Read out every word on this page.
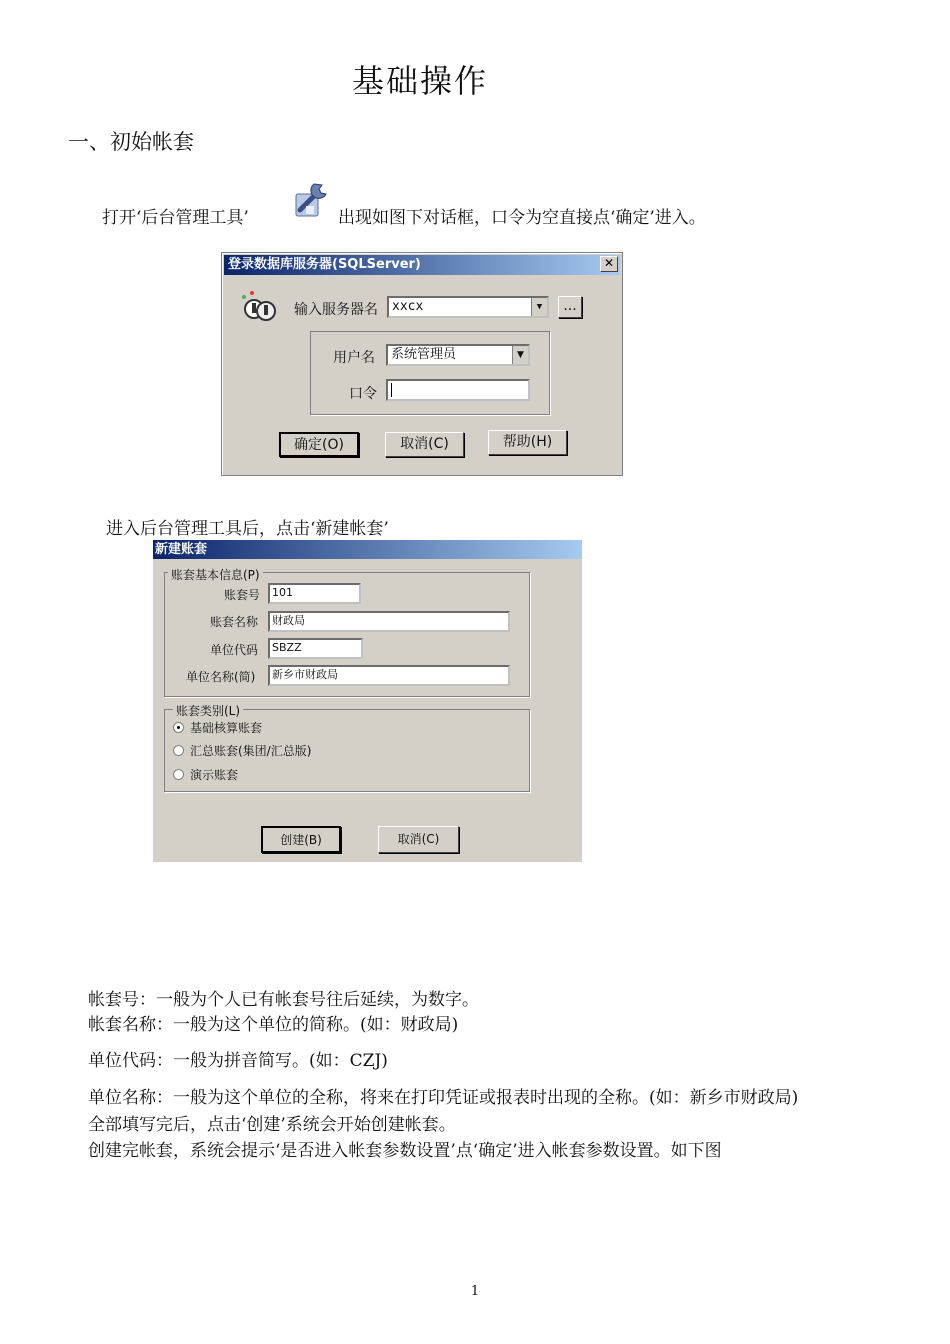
基础操作
一、初始帐套
打开‘后台管理工具’	出现如图下对话框，口令为空直接点‘确定’进入。
登录数据库服务器(SQLServer)	✕
输入服务器名	xxcx	▼	...
用户名	系统管理员	▼
口令
确定(O)	取消(C)	帮助(H)
进入后台管理工具后，点击‘新建帐套’
新建账套
账套基本信息(P)
账套号	101
账套名称	财政局
单位代码	SBZZ
单位名称(简)	新乡市财政局
账套类别(L)
基础核算账套
汇总账套(集团/汇总版)
演示账套
创建(B)	取消(C)
帐套号：一般为个人已有帐套号往后延续，为数字。
帐套名称：一般为这个单位的简称。(如：财政局)
单位代码：一般为拼音简写。(如：CZJ)
单位名称：一般为这个单位的全称，将来在打印凭证或报表时出现的全称。(如：新乡市财政局)
全部填写完后，点击‘创建’系统会开始创建帐套。
创建完帐套，系统会提示‘是否进入帐套参数设置’点‘确定’进入帐套参数设置。如下图
1
